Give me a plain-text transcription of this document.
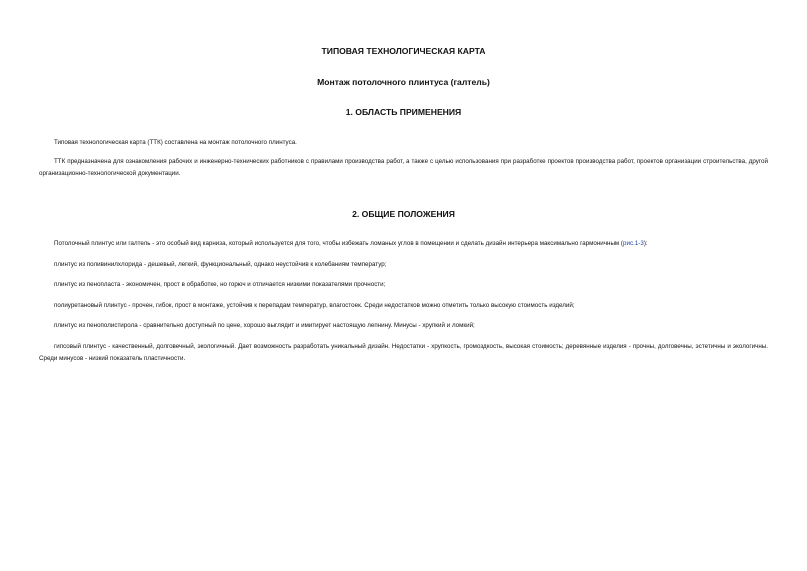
ТИПОВАЯ ТЕХНОЛОГИЧЕСКАЯ КАРТА
Монтаж потолочного плинтуса (галтель)
1. ОБЛАСТЬ ПРИМЕНЕНИЯ

Типовая технологическая карта (ТТК) составлена на монтаж потолочного плинтуса.

ТТК предназначена для ознакомления рабочих и инженерно-технических работников с правилами производства работ, а также с целью использования при разработке проектов производства работ, проектов организации строительства, другой организационно-технологической документации.

2. ОБЩИЕ ПОЛОЖЕНИЯ

Потолочный плинтус или галтель - это особый вид карниза, который используется для того, чтобы избежать ломаных углов в помещении и сделать дизайн интерьера максимально гармоничным (рис.1-3):

плинтус из поливинилхлорида - дешевый, легкий, функциональный, однако неустойчив к колебаниям температур;

плинтус из пенопласта - экономичен, прост в обработке, но горюч и отличается низкими показателями прочности;

полиуретановый плинтус - прочен, гибок, прост в монтаже, устойчив к перепадам температур, влагостоек. Среди недостатков можно отметить только высокую стоимость изделий;

плинтус из пенополистирола - сравнительно доступный по цене, хорошо выглядит и имитирует настоящую лепнину. Минусы - хрупкий и ломкий;

гипсовый плинтус - качественный, долговечный, экологичный. Дает возможность разработать уникальный дизайн. Недостатки - хрупкость, громоздкость, высокая стоимость; деревянные изделия - прочны, долговечны, эстетичны и экологичны. Среди минусов - низкий показатель пластичности.
